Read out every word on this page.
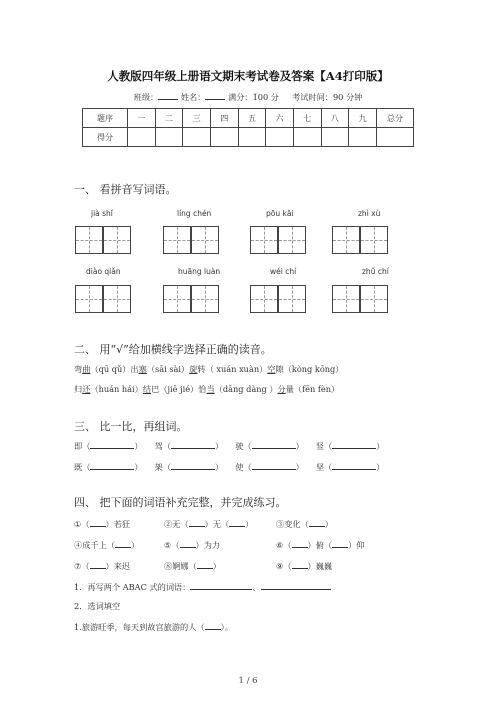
人教版四年级上册语文期末考试卷及答案【A4打印版】
班级：	姓名：	满分：100 分 考试时间：90 分钟
题序	一	二	三	四	五	六	七	八	九	总分
得分										
一、 看拼音写词语。
jià shǐ	líng chén	pōu kāi	zhì xù
diào qiǎn	huāng luàn	wéi chí	zhǔ chí
二、 用“√”给加横线字选择正确的读音。
弯曲（qū qǔ）出塞（sāi sài）旋转（ xuán xuàn）空隙（kòng kōng）
归还（huán hái）结巴（jiē jié）恰当（dāng dàng ）分量（fēn fèn）
三、 比一比，再组词。
即（	） 驾（	） 驶（	） 竖（	）
既（	） 架（	） 使（	） 坚（	）
四、 把下面的词语补充完整，并完成练习。
①（ ）若狂	②无（ ）无（ ）	③变化（ ）
④成千上（ ）	⑤（ ）为力	⑥（ ）俯（ ）仰
⑦（ ）来迟	⑧婀娜（ ）	⑨（ ）巍巍
1．再写两个 ABAC 式的词语：	、
2．选词填空
1.旅游旺季，每天到故宫旅游的人（ ）。
1 / 6
